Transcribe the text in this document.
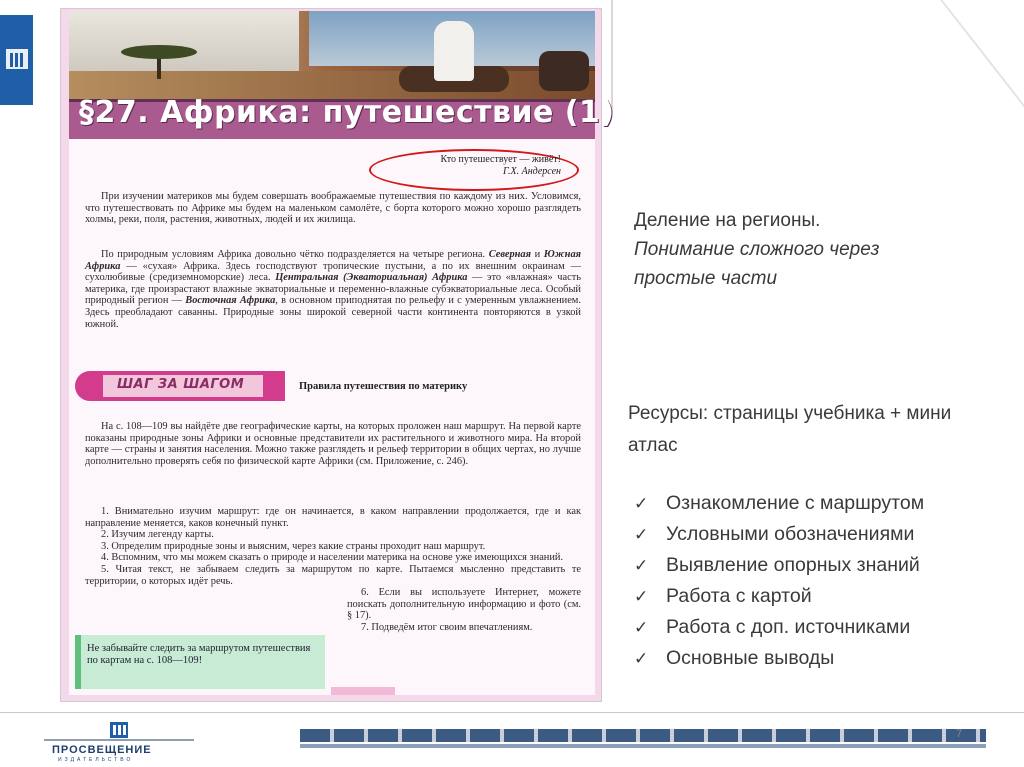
§27. Африка: путешествие (1)
Кто путешествует — живёт!
Г.Х. Андерсен
При изучении материков мы будем совершать воображаемые путешествия по каждому из них. Условимся, что путешествовать по Африке мы будем на маленьком самолёте, с борта которого можно хорошо разглядеть холмы, реки, поля, растения, животных, людей и их жилища.
По природным условиям Африка довольно чётко подразделяется на четыре региона. Северная и Южная Африка — «сухая» Африка. Здесь господствуют тропические пустыни, а по их внешним окраинам — сухолюбивые (средиземноморские) леса. Центральная (Экваториальная) Африка — это «влажная» часть материка, где произрастают влажные экваториальные и переменно-влажные субэкваториальные леса. Особый природный регион — Восточная Африка, в основном приподнятая по рельефу и с умеренным увлажнением. Здесь преобладают саванны. Природные зоны широкой северной части континента повторяются в узкой южной.
ШАГ ЗА ШАГОМ	Правила путешествия по материку
На с. 108—109 вы найдёте две географические карты, на которых проложен наш маршрут. На первой карте показаны природные зоны Африки и основные представители их растительного и животного мира. На второй карте — страны и занятия населения. Можно также разглядеть и рельеф территории в общих чертах, но лучше дополнительно проверять себя по физической карте Африки (см. Приложение, с. 246).
1. Внимательно изучим маршрут: где он начинается, в каком направлении продолжается, где и как направление меняется, каков конечный пункт.
2. Изучим легенду карты.
3. Определим природные зоны и выясним, через какие страны проходит наш маршрут.
4. Вспомним, что мы можем сказать о природе и населении материка на основе уже имеющихся знаний.
5. Читая текст, не забываем следить за маршрутом по карте. Пытаемся мысленно представить те территории, о которых идёт речь.
6. Если вы используете Интернет, можете поискать дополнительную информацию и фото (см. § 17).
7. Подведём итог своим впечатлениям.
Не забывайте следить за маршрутом путешествия по картам на с. 108—109!
Деление на регионы.
Понимание сложного через
простые части
Ресурсы: страницы учебника + мини атлас
✓ Ознакомление с маршрутом
✓ Условными обозначениями
✓ Выявление опорных знаний
✓ Работа с картой
✓ Работа с доп. источниками
✓ Основные выводы
ПРОСВЕЩЕНИЕ
ИЗДАТЕЛЬСТВО
7
